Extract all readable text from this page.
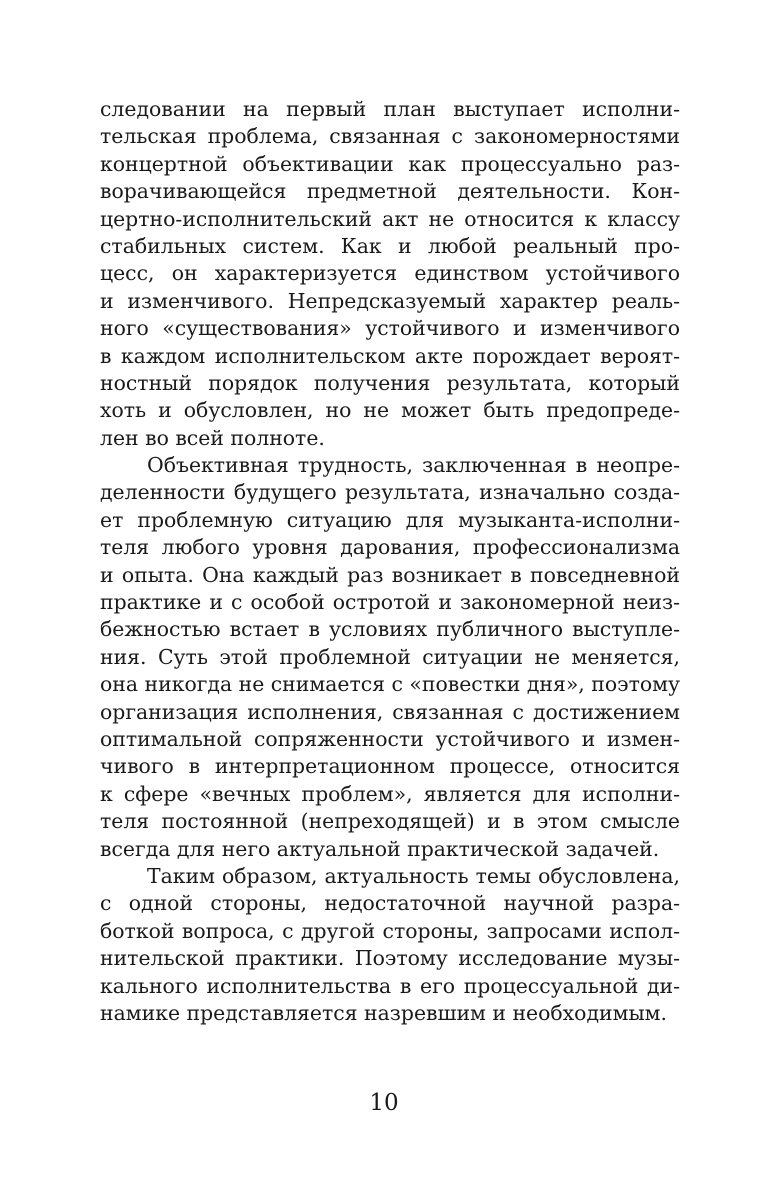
следовании на первый план выступает исполни-
тельская проблема, связанная с закономерностями
концертной объективации как процессуально раз-
ворачивающейся предметной деятельности. Кон-
цертно-исполнительский акт не относится к классу
стабильных систем. Как и любой реальный про-
цесс, он характеризуется единством устойчивого
и изменчивого. Непредсказуемый характер реаль-
ного «существования» устойчивого и изменчивого
в каждом исполнительском акте порождает вероят-
ностный порядок получения результата, который
хоть и обусловлен, но не может быть предопреде-
лен во всей полноте.
Объективная трудность, заключенная в неопре-
деленности будущего результата, изначально созда-
ет проблемную ситуацию для музыканта-исполни-
теля любого уровня дарования, профессионализма
и опыта. Она каждый раз возникает в повседневной
практике и с особой остротой и закономерной неиз-
бежностью встает в условиях публичного выступле-
ния. Суть этой проблемной ситуации не меняется,
она никогда не снимается с «повестки дня», поэтому
организация исполнения, связанная с достижением
оптимальной сопряженности устойчивого и измен-
чивого в интерпретационном процессе, относится
к сфере «вечных проблем», является для исполни-
теля постоянной (непреходящей) и в этом смысле
всегда для него актуальной практической задачей.
Таким образом, актуальность темы обусловлена,
с одной стороны, недостаточной научной разра-
боткой вопроса, с другой стороны, запросами испол-
нительской практики. Поэтому исследование музы-
кального исполнительства в его процессуальной ди-
намике представляется назревшим и необходимым.
10
